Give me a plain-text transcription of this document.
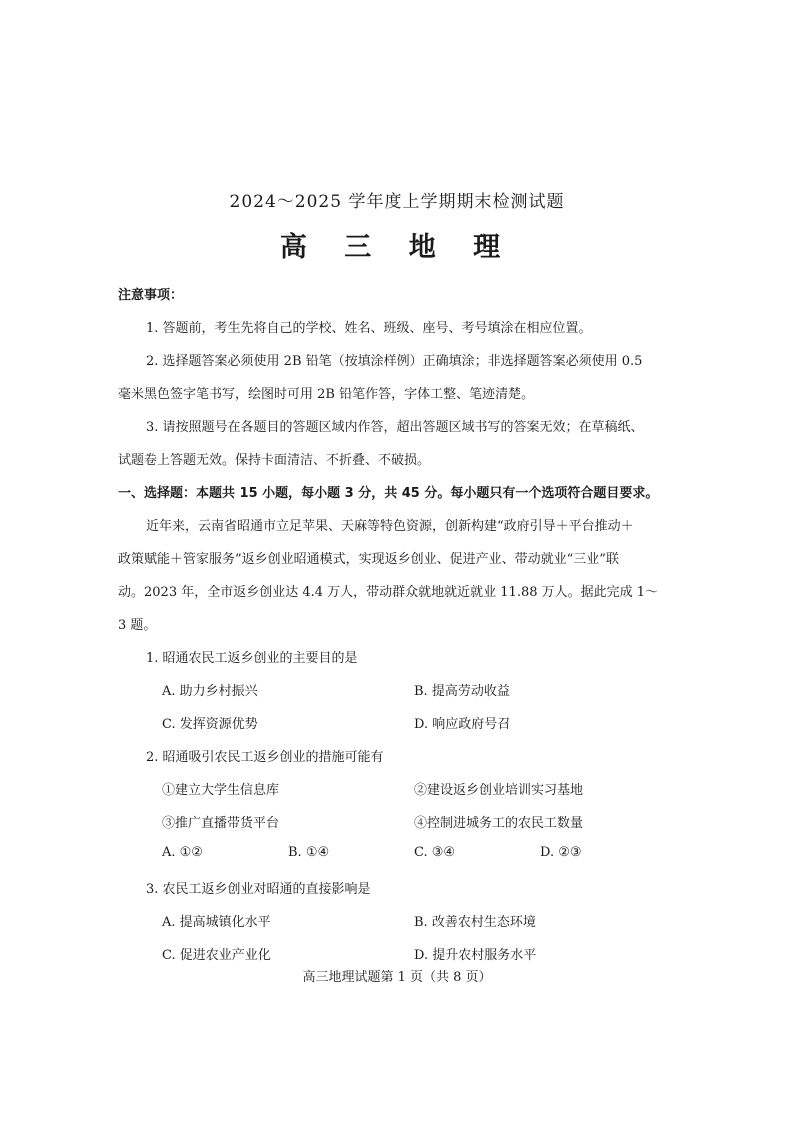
2024～2025 学年度上学期期末检测试题
高 三 地 理
注意事项：
1. 答题前，考生先将自己的学校、姓名、班级、座号、考号填涂在相应位置。
2. 选择题答案必须使用 2B 铅笔（按填涂样例）正确填涂；非选择题答案必须使用 0.5
毫米黑色签字笔书写，绘图时可用 2B 铅笔作答，字体工整、笔迹清楚。
3. 请按照题号在各题目的答题区域内作答，超出答题区域书写的答案无效；在草稿纸、
试题卷上答题无效。保持卡面清洁、不折叠、不破损。
一、选择题：本题共 15 小题，每小题 3 分，共 45 分。每小题只有一个选项符合题目要求。
近年来，云南省昭通市立足苹果、天麻等特色资源，创新构建“政府引导＋平台推动＋
政策赋能＋管家服务”返乡创业昭通模式，实现返乡创业、促进产业、带动就业“三业”联
动。2023 年，全市返乡创业达 4.4 万人，带动群众就地就近就业 11.88 万人。据此完成 1～
3 题。
1. 昭通农民工返乡创业的主要目的是
A. 助力乡村振兴	B. 提高劳动收益
C. 发挥资源优势	D. 响应政府号召
2. 昭通吸引农民工返乡创业的措施可能有
①建立大学生信息库	②建设返乡创业培训实习基地
③推广直播带货平台	④控制进城务工的农民工数量
A. ①②	B. ①④	C. ③④	D. ②③
3. 农民工返乡创业对昭通的直接影响是
A. 提高城镇化水平	B. 改善农村生态环境
C. 促进农业产业化	D. 提升农村服务水平
高三地理试题第 1 页（共 8 页）
